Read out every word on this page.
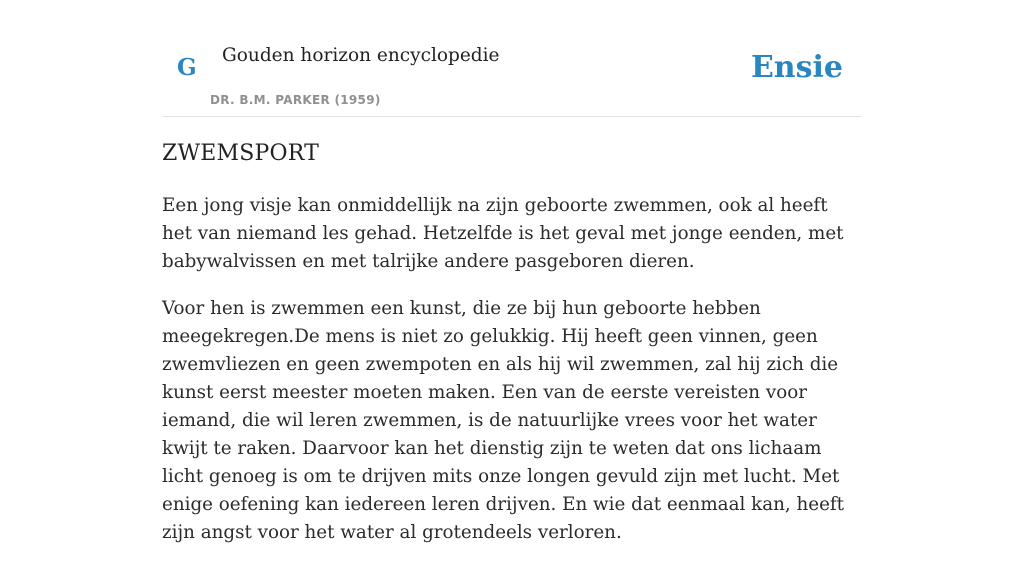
G Gouden horizon encyclopedie
DR. B.M. PARKER (1959)
Ensie
ZWEMSPORT

Een jong visje kan onmiddellijk na zijn geboorte zwemmen, ook al heeft het van niemand les gehad. Hetzelfde is het geval met jonge eenden, met babywalvissen en met talrijke andere pasgeboren dieren.

Voor hen is zwemmen een kunst, die ze bij hun geboorte hebben meegekregen.De mens is niet zo gelukkig. Hij heeft geen vinnen, geen zwemvliezen en geen zwempoten en als hij wil zwemmen, zal hij zich die kunst eerst meester moeten maken. Een van de eerste vereisten voor iemand, die wil leren zwemmen, is de natuurlijke vrees voor het water kwijt te raken. Daarvoor kan het dienstig zijn te weten dat ons lichaam licht genoeg is om te drijven mits onze longen gevuld zijn met lucht. Met enige oefening kan iedereen leren drijven. En wie dat eenmaal kan, heeft zijn angst voor het water al grotendeels verloren.
